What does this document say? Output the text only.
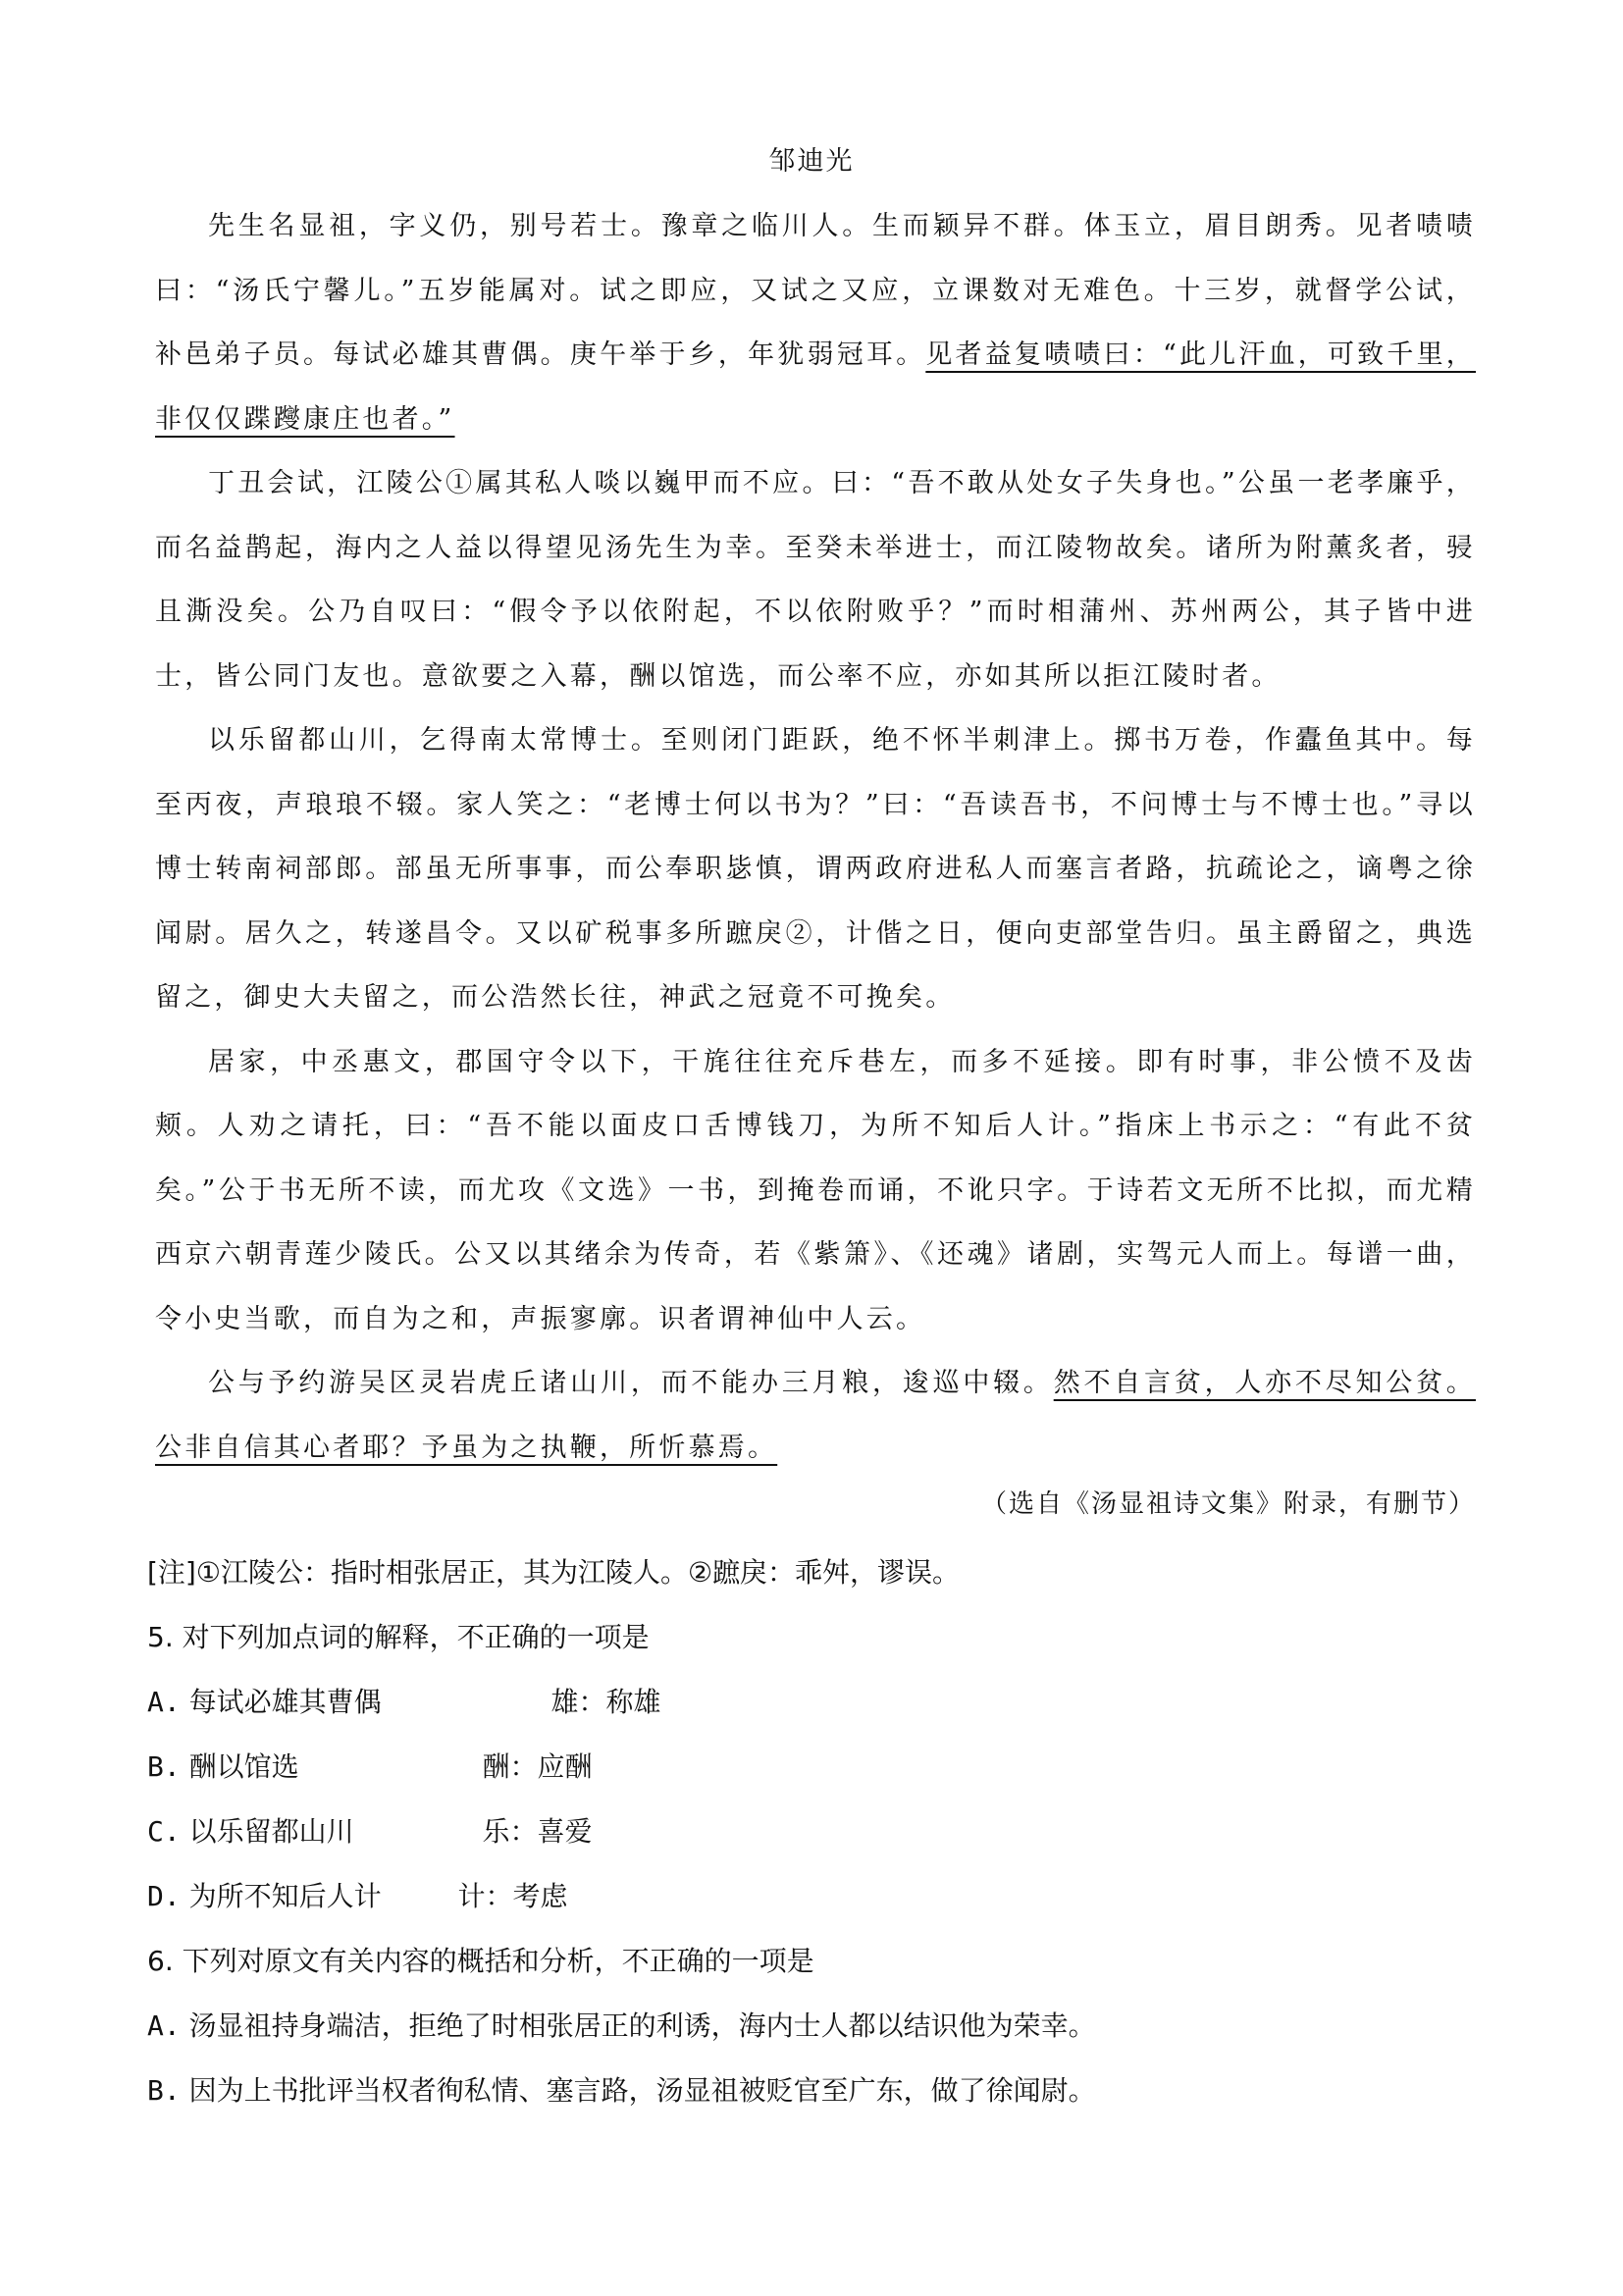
邹迪光

先生名显祖，字义仍，别号若士。豫章之临川人。生而颖异不群。体玉立，眉目朗秀。见者啧啧曰：“汤氏宁馨儿。”五岁能属对。试之即应，又试之又应，立课数对无难色。十三岁，就督学公试，补邑弟子员。每试必雄其曹偶。庚午举于乡，年犹弱冠耳。见者益复啧啧曰：“此儿汗血，可致千里，非仅仅蹀躞康庄也者。”

丁丑会试，江陵公①属其私人啖以巍甲而不应。曰：“吾不敢从处女子失身也。”公虽一老孝廉乎，而名益鹊起，海内之人益以得望见汤先生为幸。至癸未举进士，而江陵物故矣。诸所为附薰炙者，骎且澌没矣。公乃自叹曰：“假令予以依附起，不以依附败乎？”而时相蒲州、苏州两公，其子皆中进士，皆公同门友也。意欲要之入幕，酬以馆选，而公率不应，亦如其所以拒江陵时者。

以乐留都山川，乞得南太常博士。至则闭门距跃，绝不怀半刺津上。掷书万卷，作蠹鱼其中。每至丙夜，声琅琅不辍。家人笑之：“老博士何以书为？”曰：“吾读吾书，不问博士与不博士也。”寻以博士转南祠部郎。部虽无所事事，而公奉职毖慎，谓两政府进私人而塞言者路，抗疏论之，谪粤之徐闻尉。居久之，转遂昌令。又以矿税事多所蹠戾②，计偕之日，便向吏部堂告归。虽主爵留之，典选留之，御史大夫留之，而公浩然长往，神武之冠竟不可挽矣。

居家，中丞惠文，郡国守令以下，干旄往往充斥巷左，而多不延接。即有时事，非公愤不及齿颊。人劝之请托，曰：“吾不能以面皮口舌博钱刀，为所不知后人计。”指床上书示之：“有此不贫矣。”公于书无所不读，而尤攻《文选》一书，到掩卷而诵，不讹只字。于诗若文无所不比拟，而尤精西京六朝青莲少陵氏。公又以其绪余为传奇，若《紫箫》、《还魂》诸剧，实驾元人而上。每谱一曲，令小史当歌，而自为之和，声振寥廓。识者谓神仙中人云。

公与予约游吴区灵岩虎丘诸山川，而不能办三月粮，逡巡中辍。然不自言贫，人亦不尽知公贫。公非自信其心者耶？予虽为之执鞭，所忻慕焉。

（选自《汤显祖诗文集》附录，有删节）
[注]①江陵公：指时相张居正，其为江陵人。②蹠戾：乖舛，谬误。
5. 对下列加点词的解释，不正确的一项是
A. 每试必雄其曹偶	雄：称雄
B. 酬以馆选	酬：应酬
C. 以乐留都山川	乐：喜爱
D. 为所不知后人计	计：考虑
6. 下列对原文有关内容的概括和分析，不正确的一项是
A. 汤显祖持身端洁，拒绝了时相张居正的利诱，海内士人都以结识他为荣幸。
B. 因为上书批评当权者徇私情、塞言路，汤显祖被贬官至广东，做了徐闻尉。
